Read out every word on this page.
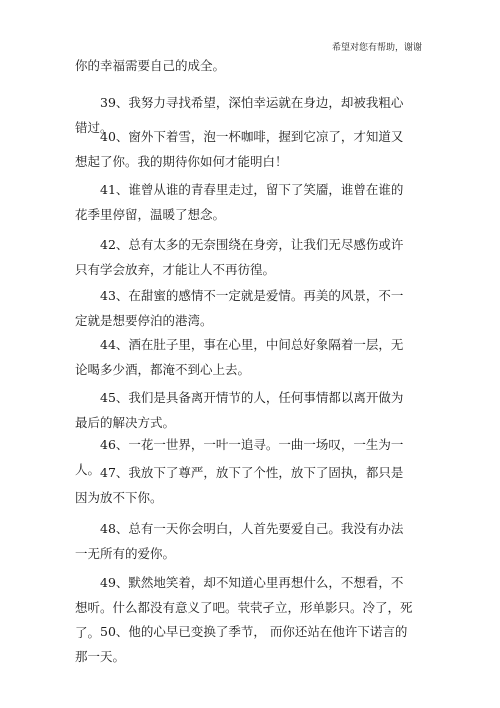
希望对您有帮助，谢谢

你的幸福需要自己的成全。

39、我努力寻找希望，深怕幸运就在身边，却被我粗心错过。

40、窗外下着雪，泡一杯咖啡，握到它凉了，才知道又想起了你。我的期待你如何才能明白！

41、谁曾从谁的青春里走过，留下了笑靥，谁曾在谁的花季里停留，温暖了想念。

42、总有太多的无奈围绕在身旁，让我们无尽感伤或许只有学会放弃，才能让人不再彷徨。

43、在甜蜜的感情不一定就是爱情。再美的风景，不一定就是想要停泊的港湾。

44、酒在肚子里，事在心里，中间总好象隔着一层，无论喝多少酒，都淹不到心上去。

45、我们是具备离开情节的人，任何事情都以离开做为最后的解决方式。

46、一花一世界，一叶一追寻。一曲一场叹，一生为一人。 47、我放下了尊严，放下了个性，放下了固执，都只是因为放不下你。

48、总有一天你会明白，人首先要爱自己。我没有办法一无所有的爱你。

49、默然地笑着，却不知道心里再想什么，不想看，不想听。什么都没有意义了吧。茕茕孑立，形单影只。冷了，死了。 50、他的心早已变换了季节， 而你还站在他许下诺言的那一天。
